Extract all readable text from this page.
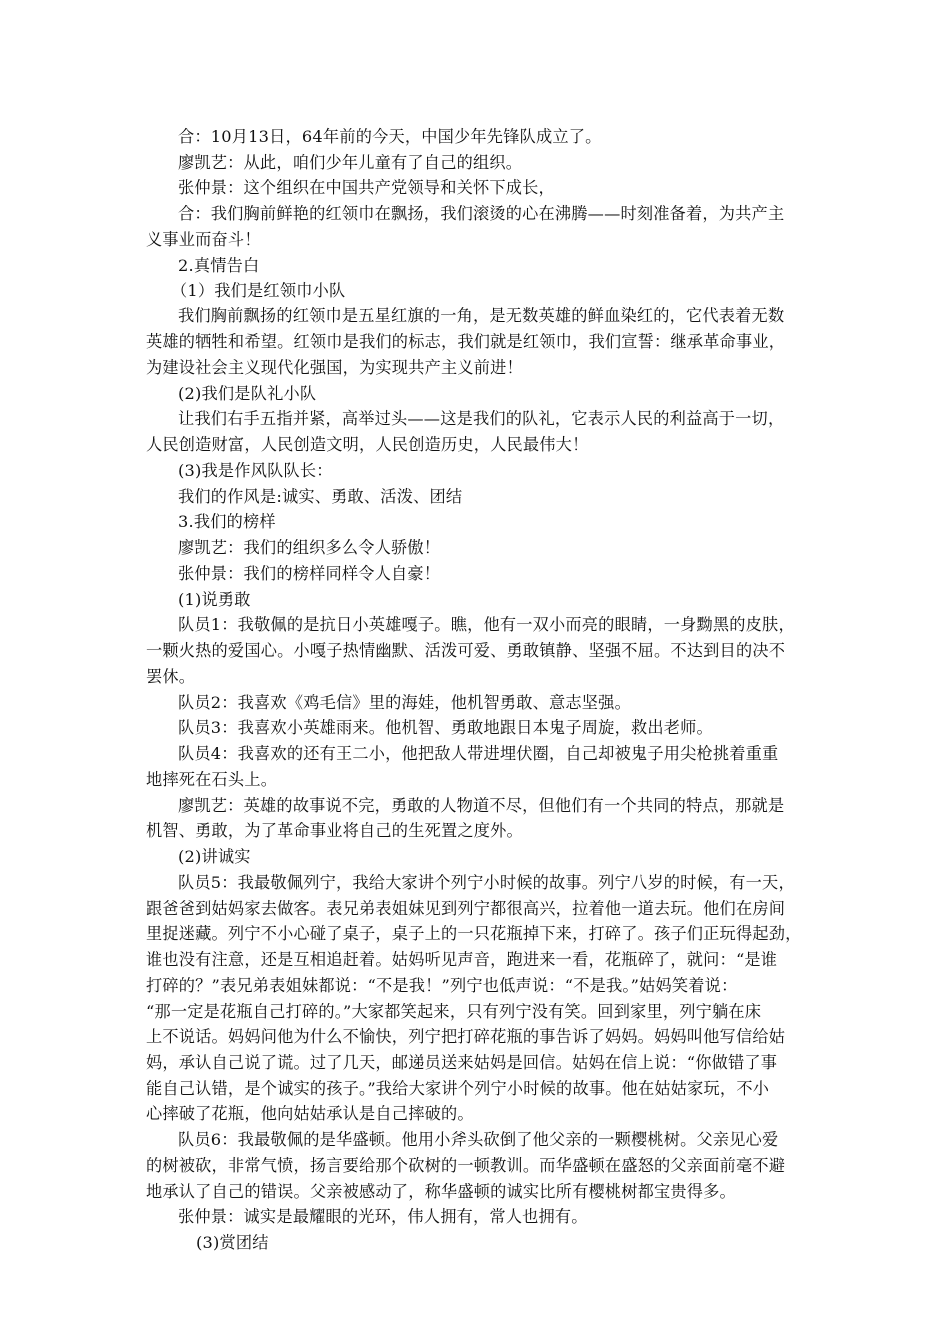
合：10月13日，64年前的今天，中国少年先锋队成立了。
廖凯艺：从此，咱们少年儿童有了自己的组织。
张仲景：这个组织在中国共产党领导和关怀下成长，
合：我们胸前鲜艳的红领巾在飘扬，我们滚烫的心在沸腾——时刻准备着，为共产主
义事业而奋斗！
2.真情告白
（1）我们是红领巾小队
我们胸前飘扬的红领巾是五星红旗的一角，是无数英雄的鲜血染红的，它代表着无数
英雄的牺牲和希望。红领巾是我们的标志，我们就是红领巾，我们宣誓：继承革命事业，
为建设社会主义现代化强国，为实现共产主义前进！
(2)我们是队礼小队
让我们右手五指并紧，高举过头——这是我们的队礼，它表示人民的利益高于一切，
人民创造财富，人民创造文明，人民创造历史，人民最伟大！
(3)我是作风队队长：
我们的作风是:诚实、勇敢、活泼、团结
3.我们的榜样
廖凯艺：我们的组织多么令人骄傲！
张仲景：我们的榜样同样令人自豪！
(1)说勇敢
队员1：我敬佩的是抗日小英雄嘎子。瞧，他有一双小而亮的眼睛，一身黝黑的皮肤，
一颗火热的爱国心。小嘎子热情幽默、活泼可爱、勇敢镇静、坚强不屈。不达到目的决不
罢休。
队员2：我喜欢《鸡毛信》里的海娃，他机智勇敢、意志坚强。
队员3：我喜欢小英雄雨来。他机智、勇敢地跟日本鬼子周旋，救出老师。
队员4：我喜欢的还有王二小，他把敌人带进埋伏圈，自己却被鬼子用尖枪挑着重重
地摔死在石头上。
廖凯艺：英雄的故事说不完，勇敢的人物道不尽，但他们有一个共同的特点，那就是
机智、勇敢，为了革命事业将自己的生死置之度外。
(2)讲诚实
队员5：我最敬佩列宁，我给大家讲个列宁小时候的故事。列宁八岁的时候，有一天，
跟爸爸到姑妈家去做客。表兄弟表姐妹见到列宁都很高兴，拉着他一道去玩。他们在房间
里捉迷藏。列宁不小心碰了桌子，桌子上的一只花瓶掉下来，打碎了。孩子们正玩得起劲，
谁也没有注意，还是互相追赶着。姑妈听见声音，跑进来一看，花瓶碎了，就问：“是谁
打碎的？”表兄弟表姐妹都说：“不是我！”列宁也低声说：“不是我。”姑妈笑着说：
“那一定是花瓶自己打碎的。”大家都笑起来，只有列宁没有笑。回到家里，列宁躺在床
上不说话。妈妈问他为什么不愉快，列宁把打碎花瓶的事告诉了妈妈。妈妈叫他写信给姑
妈，承认自己说了谎。过了几天，邮递员送来姑妈是回信。姑妈在信上说：“你做错了事
能自己认错，是个诚实的孩子。”我给大家讲个列宁小时候的故事。他在姑姑家玩，不小
心摔破了花瓶，他向姑姑承认是自己摔破的。
队员6：我最敬佩的是华盛顿。他用小斧头砍倒了他父亲的一颗樱桃树。父亲见心爱
的树被砍，非常气愤，扬言要给那个砍树的一顿教训。而华盛顿在盛怒的父亲面前毫不避
地承认了自己的错误。父亲被感动了，称华盛顿的诚实比所有樱桃树都宝贵得多。
张仲景：诚实是最耀眼的光环，伟人拥有，常人也拥有。
(3)赏团结
